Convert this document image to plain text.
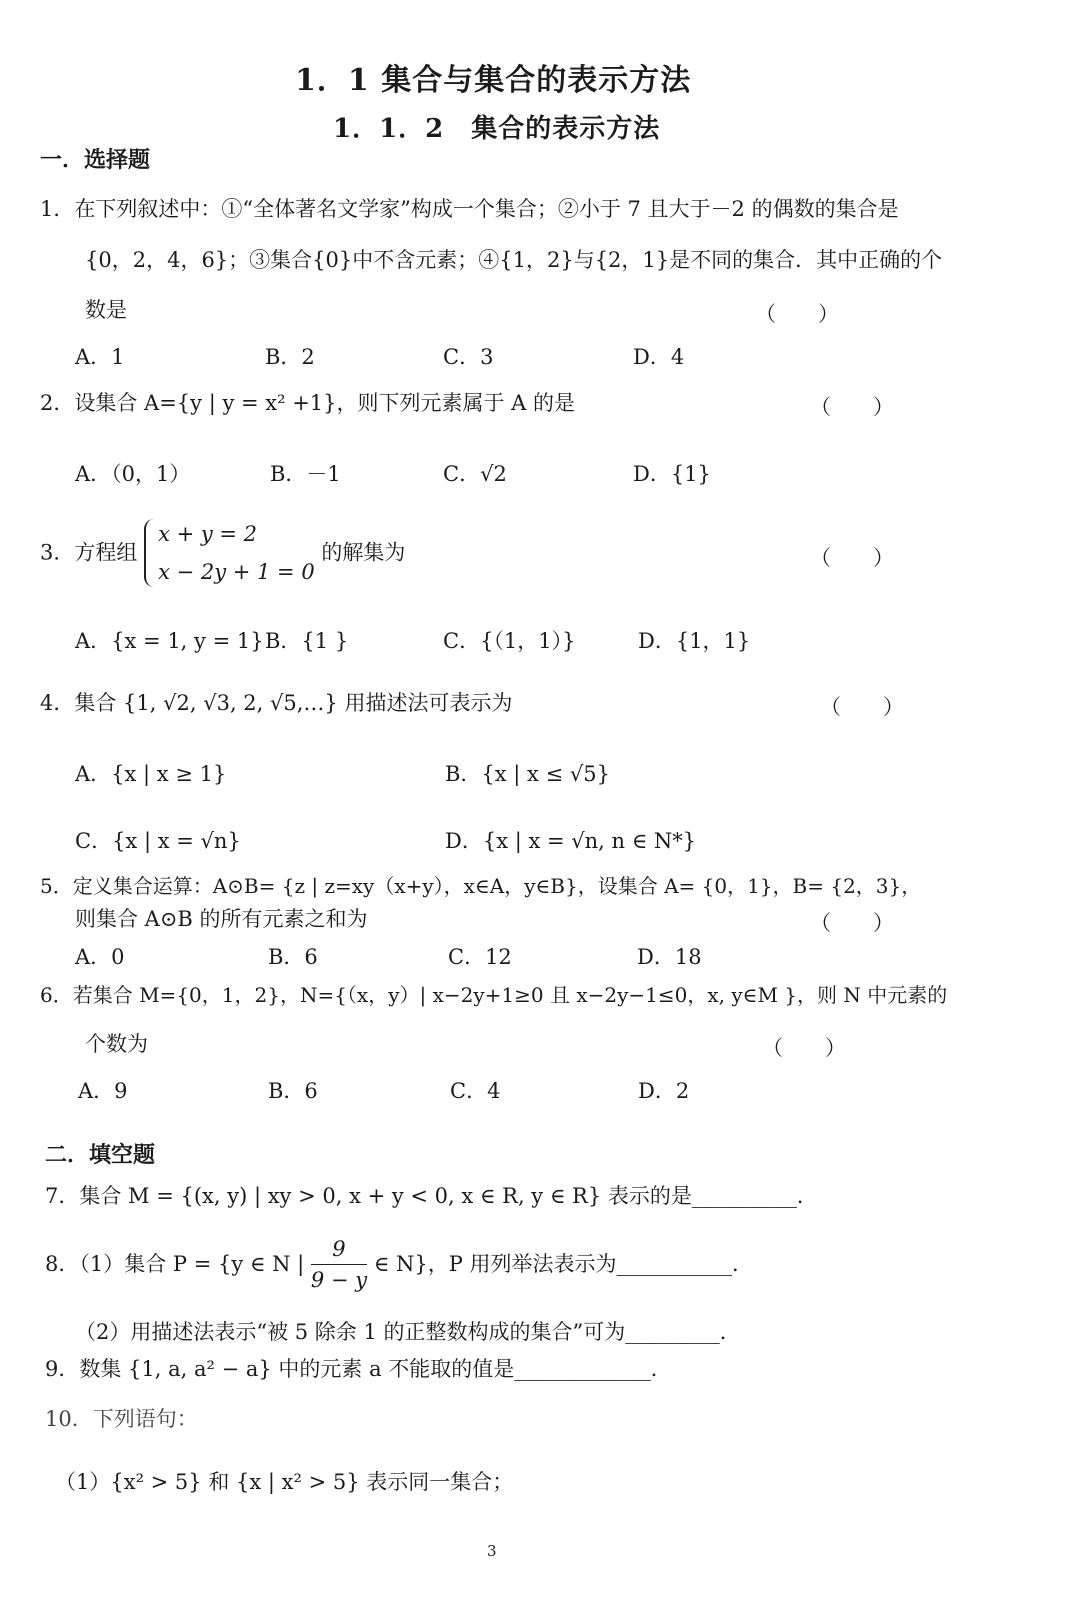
1．1 集合与集合的表示方法
1．1．2　集合的表示方法
一．选择题
1．在下列叙述中：①“全体著名文学家”构成一个集合；②小于 7 且大于－2 的偶数的集合是
{0，2，4，6}；③集合{0}中不含元素；④{1，2}与{2，1}是不同的集合．其中正确的个
数是	（　　）
A．1	B．2	C．3	D．4
2．设集合 A={y | y = x² +1}，则下列元素属于 A 的是	（　　）
A．（0，1）	B．－1	C．√2	D．{1}
3．方程组
x + y = 2
x − 2y + 1 = 0
的解集为	（　　）
A．{x = 1, y = 1} B．{1 }	C．{（1，1）}	D．{1，1}
4．集合 {1, √2, √3, 2, √5,…} 用描述法可表示为	（　　）
A．{x | x ≥ 1}	B．{x | x ≤ √5}
C．{x | x = √n}	D．{x | x = √n, n ∈ N*}
5．定义集合运算：A⊙B= {z | z=xy（x+y），x∈A，y∈B}，设集合 A= {0，1}，B= {2，3}，
则集合 A⊙B 的所有元素之和为	（　　）
A．0	B．6	C．12	D．18
6．若集合 M={0，1，2}，N={（x，y）| x−2y+1≥0 且 x−2y−1≤0，x, y∈M }，则 N 中元素的
个数为	（　　）
A．9	B．6	C．4	D．2
二．填空题
7．集合 M = {(x, y) | xy > 0, x + y < 0, x ∈ R, y ∈ R} 表示的是__________．
8．（1）集合 P = {y ∈ N | $\frac{9}{9 - y}$ ∈ N}，P 用列举法表示为___________．
（2）用描述法表示“被 5 除余 1 的正整数构成的集合”可为_________．
9．数集 {1, a, a² − a} 中的元素 a 不能取的值是_____________．
10．下列语句：
（1）{x² > 5} 和 {x | x² > 5} 表示同一集合；
3
